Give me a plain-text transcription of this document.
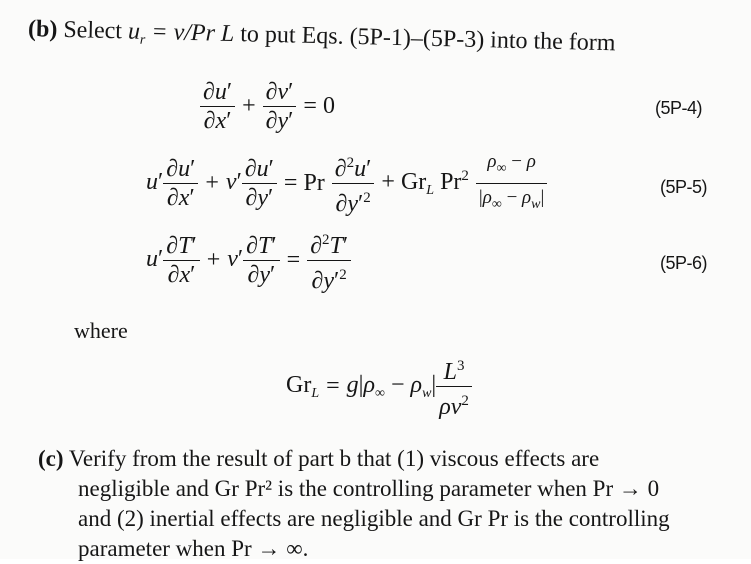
(b) Select $u_r = \nu/Pr$ L to put Eqs. (5P-1)–(5P-3) into the form
$\frac{\partial u'}{\partial x'} + \frac{\partial v'}{\partial y'} = 0$	(5P-4)
$u' \frac{\partial u'}{\partial x'} + v' \frac{\partial u'}{\partial y'} = Pr \frac{\partial^2u'}{\partial y'^2} + Gr_L$ $Pr^2 \frac{\rho_\infty - \rho}{|\rho_\infty - \rho_w|}$	(5P-5)
$u' \frac{\partial T'}{\partial x'} + v' \frac{\partial T'}{\partial y'} = \frac{\partial^2T'}{\partial y'^2}$	(5P-6)
where
$Gr_L = g|\rho_\infty - \rho_w| \frac{L^3}{\rho\nu^2}$
(c) Verify from the result of part b that (1) viscous effects are
negligible and Gr Pr² is the controlling parameter when Pr → 0
and (2) inertial effects are negligible and Gr Pr is the controlling
parameter when Pr → ∞.
